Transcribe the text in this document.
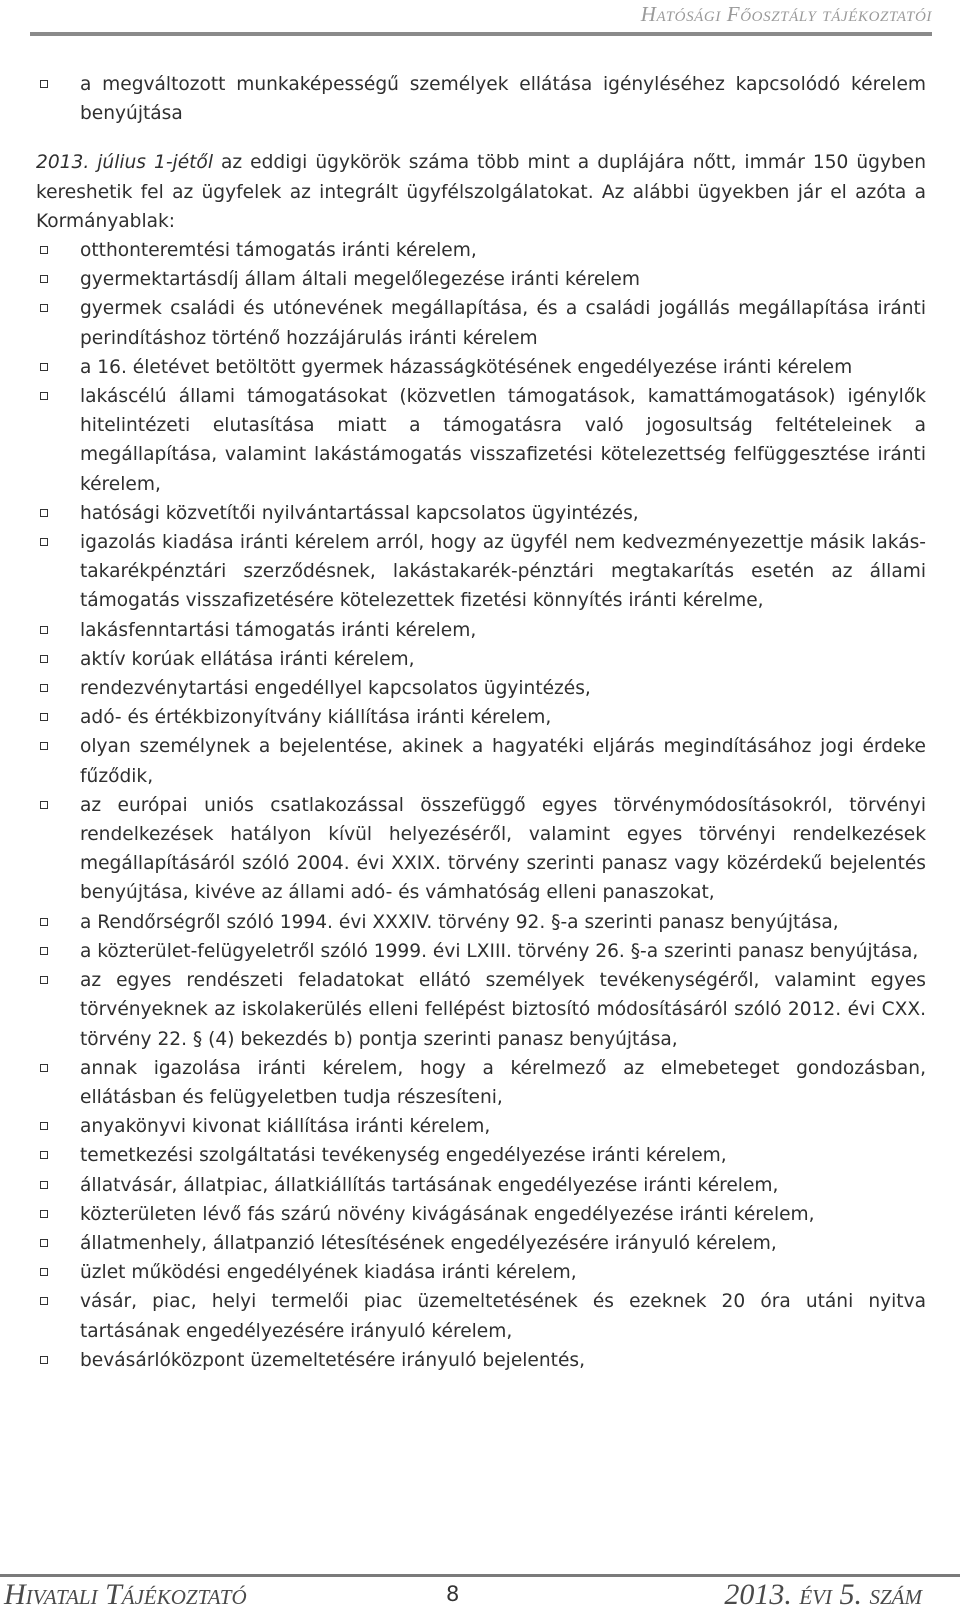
Hatósági Főosztály tájékoztatói
a megváltozott munkaképességű személyek ellátása igényléséhez kapcsolódó kérelem benyújtása
2013. július 1-jétől az eddigi ügykörök száma több mint a duplájára nőtt, immár 150 ügyben kereshetik fel az ügyfelek az integrált ügyfélszolgálatokat. Az alábbi ügyekben jár el azóta a Kormányablak:
otthonteremtési támogatás iránti kérelem,
gyermektartásdíj állam általi megelőlegezése iránti kérelem
gyermek családi és utónevének megállapítása, és a családi jogállás megállapítása iránti perindításhoz történő hozzájárulás iránti kérelem
a 16. életévet betöltött gyermek házasságkötésének engedélyezése iránti kérelem
lakáscélú állami támogatásokat (közvetlen támogatások, kamattámogatások) igénylők hitelintézeti elutasítása miatt a támogatásra való jogosultság feltételeinek a megállapítása, valamint lakástámogatás visszafizetési kötelezettség felfüggesztése iránti kérelem,
hatósági közvetítői nyilvántartással kapcsolatos ügyintézés,
igazolás kiadása iránti kérelem arról, hogy az ügyfél nem kedvezményezettje másik lakás-takarékpénztári szerződésnek, lakástakarék-pénztári megtakarítás esetén az állami támogatás visszafizetésére kötelezettek fizetési könnyítés iránti kérelme,
lakásfenntartási támogatás iránti kérelem,
aktív korúak ellátása iránti kérelem,
rendezvénytartási engedéllyel kapcsolatos ügyintézés,
adó- és értékbizonyítvány kiállítása iránti kérelem,
olyan személynek a bejelentése, akinek a hagyatéki eljárás megindításához jogi érdeke fűződik,
az európai uniós csatlakozással összefüggő egyes törvénymódosításokról, törvényi rendelkezések hatályon kívül helyezéséről, valamint egyes törvényi rendelkezések megállapításáról szóló 2004. évi XXIX. törvény szerinti panasz vagy közérdekű bejelentés benyújtása, kivéve az állami adó- és vámhatóság elleni panaszokat,
a Rendőrségről szóló 1994. évi XXXIV. törvény 92. §-a szerinti panasz benyújtása,
a közterület-felügyeletről szóló 1999. évi LXIII. törvény 26. §-a szerinti panasz benyújtása,
az egyes rendészeti feladatokat ellátó személyek tevékenységéről, valamint egyes törvényeknek az iskolakerülés elleni fellépést biztosító módosításáról szóló 2012. évi CXX. törvény 22. § (4) bekezdés b) pontja szerinti panasz benyújtása,
annak igazolása iránti kérelem, hogy a kérelmező az elmebeteget gondozásban, ellátásban és felügyeletben tudja részesíteni,
anyakönyvi kivonat kiállítása iránti kérelem,
temetkezési szolgáltatási tevékenység engedélyezése iránti kérelem,
állatvásár, állatpiac, állatkiállítás tartásának engedélyezése iránti kérelem,
közterületen lévő fás szárú növény kivágásának engedélyezése iránti kérelem,
állatmenhely, állatpanzió létesítésének engedélyezésére irányuló kérelem,
üzlet működési engedélyének kiadása iránti kérelem,
vásár, piac, helyi termelői piac üzemeltetésének és ezeknek 20 óra utáni nyitva tartásának engedélyezésére irányuló kérelem,
bevásárlóközpont üzemeltetésére irányuló bejelentés,
Hivatali Tájékoztató	8	2013. évi 5. szám
